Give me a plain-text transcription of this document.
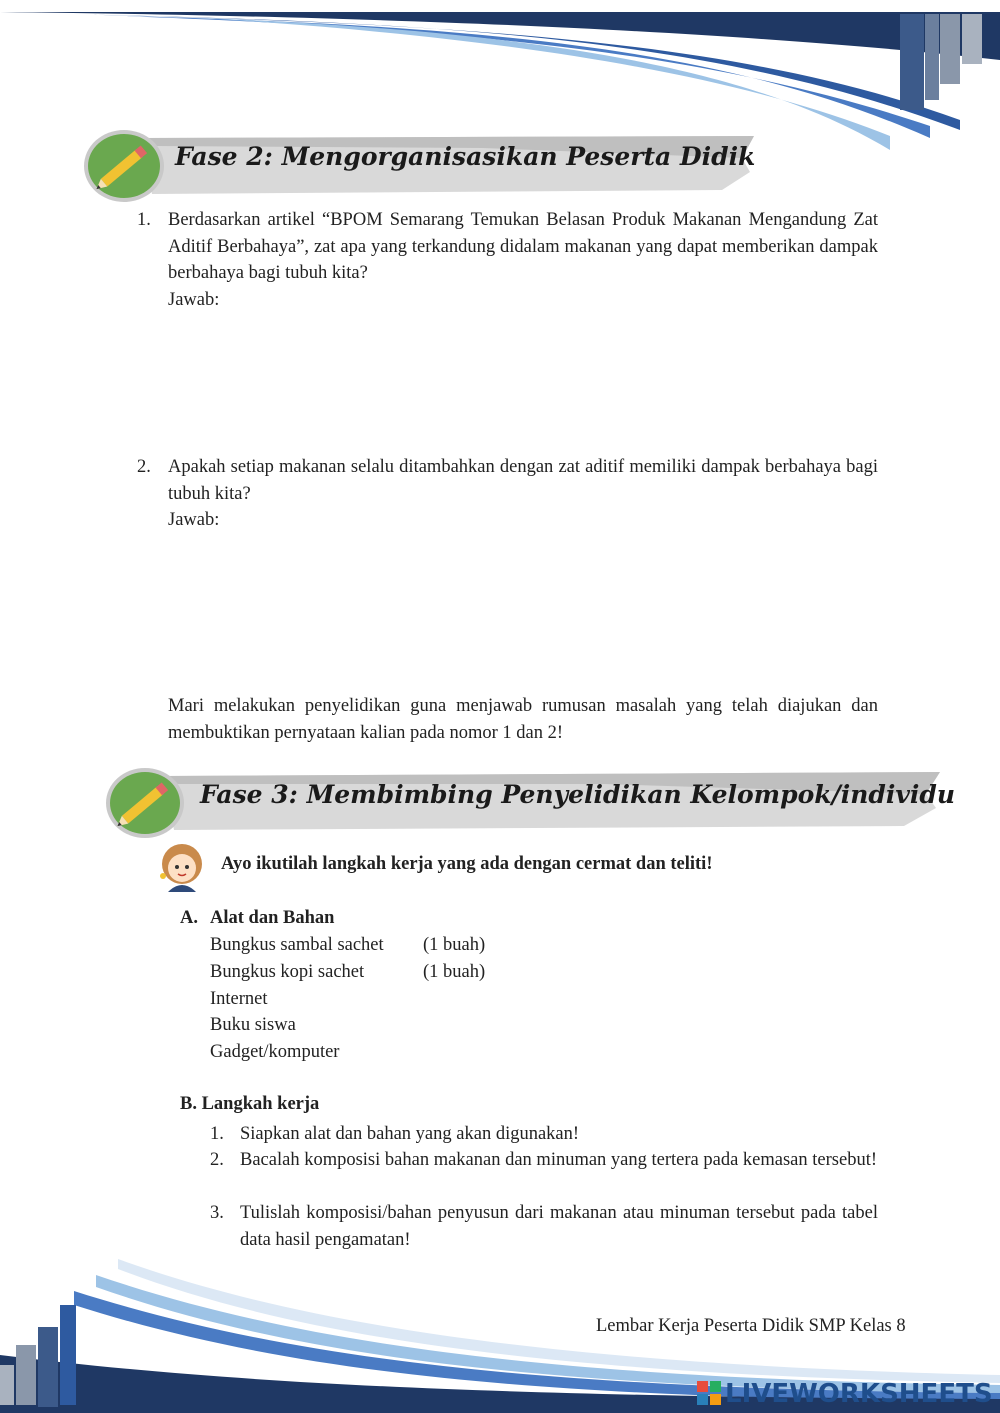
Fase 2: Mengorganisasikan Peserta Didik
1. Berdasarkan artikel “BPOM Semarang Temukan Belasan Produk Makanan Mengandung Zat Aditif Berbahaya”, zat apa yang terkandung didalam makanan yang dapat memberikan dampak berbahaya bagi tubuh kita?

Jawab:
2. Apakah setiap makanan selalu ditambahkan dengan zat aditif memiliki dampak berbahaya bagi tubuh kita?

Jawab:

Mari melakukan penyelidikan guna menjawab rumusan masalah yang telah diajukan dan membuktikan pernyataan kalian pada nomor 1 dan 2!

Fase 3: Membimbing Penyelidikan Kelompok/individu
Ayo ikutilah langkah kerja yang ada dengan cermat dan teliti!
A. Alat dan Bahan
Bungkus sambal sachet (1 buah)
Bungkus kopi sachet	(1 buah)
Internet
Buku siswa
Gadget/komputer
B. Langkah kerja
1. Siapkan alat dan bahan yang akan digunakan!

2. Bacalah komposisi bahan makanan dan minuman yang tertera pada kemasan tersebut!

3. Tulislah komposisi/bahan penyusun dari makanan atau minuman tersebut pada tabel data hasil pengamatan!

Lembar Kerja Peserta Didik SMP Kelas 8
LIVEWORKSHEETS
